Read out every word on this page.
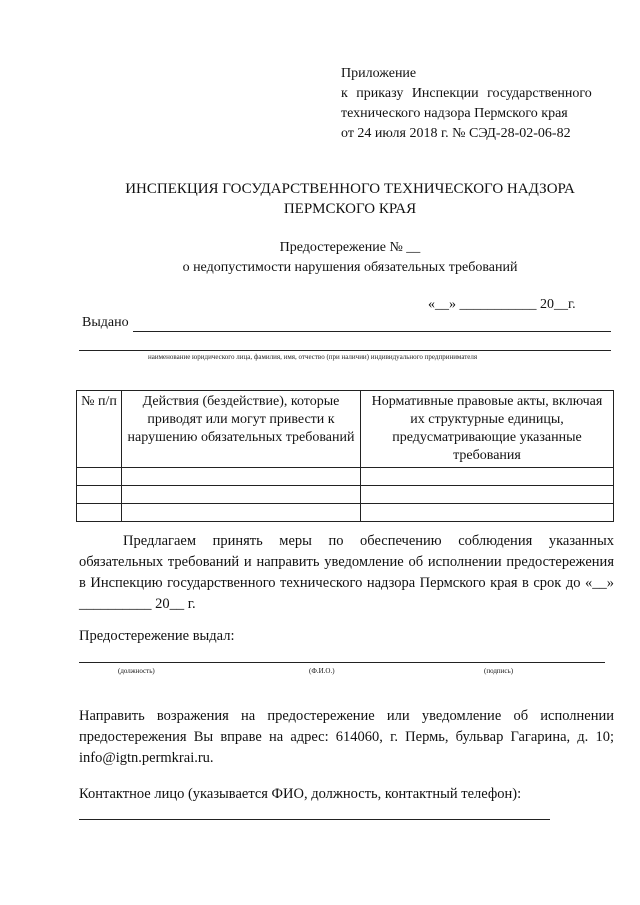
Приложение
к приказу Инспекции государственного
технического надзора Пермского края
от 24 июля 2018 г. № СЭД-28-02-06-82
ИНСПЕКЦИЯ ГОСУДАРСТВЕННОГО ТЕХНИЧЕСКОГО НАДЗОРА
ПЕРМСКОГО КРАЯ
Предостережение № __
о недопустимости нарушения обязательных требований
«__» ___________ 20__г.
Выдано
наименование юридического лица, фамилия, имя, отчество (при наличии) индивидуального предпринимателя
№ п/п	Действия (бездействие), которые приводят или могут привести к нарушению обязательных требований	Нормативные правовые акты, включая их структурные единицы, предусматривающие указанные требования

Предлагаем принять меры по обеспечению соблюдения указанных обязательных требований и направить уведомление об исполнении предостережения в Инспекцию государственного технического надзора Пермского края в срок до «__» __________ 20__ г.

Предостережение выдал:
(должность)	(Ф.И.О.)	(подпись)

Направить возражения на предостережение или уведомление об исполнении предостережения Вы вправе на адрес: 614060, г. Пермь, бульвар Гагарина, д. 10; info@igtn.permkrai.ru.

Контактное лицо (указывается ФИО, должность, контактный телефон):
